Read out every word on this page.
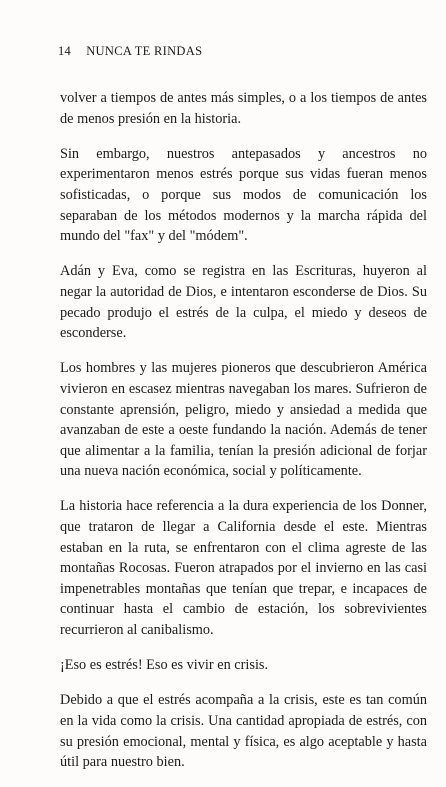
14 NUNCA TE RINDAS

volver a tiempos de antes más simples, o a los tiempos de antes de menos presión en la historia.

Sin embargo, nuestros antepasados y ancestros no experimentaron menos estrés porque sus vidas fueran menos sofisticadas, o porque sus modos de comunicación los separaban de los métodos modernos y la marcha rápida del mundo del "fax" y del "módem".

Adán y Eva, como se registra en las Escrituras, huyeron al negar la autoridad de Dios, e intentaron esconderse de Dios. Su pecado produjo el estrés de la culpa, el miedo y deseos de esconderse.

Los hombres y las mujeres pioneros que descubrieron América vivieron en escasez mientras navegaban los mares. Sufrieron de constante aprensión, peligro, miedo y ansiedad a medida que avanzaban de este a oeste fundando la nación. Además de tener que alimentar a la familia, tenían la presión adicional de forjar una nueva nación económica, social y políticamente.

La historia hace referencia a la dura experiencia de los Donner, que trataron de llegar a California desde el este. Mientras estaban en la ruta, se enfrentaron con el clima agreste de las montañas Rocosas. Fueron atrapados por el invierno en las casi impenetrables montañas que tenían que trepar, e incapaces de continuar hasta el cambio de estación, los sobrevivientes recurrieron al canibalismo.

¡Eso es estrés! Eso es vivir en crisis.

Debido a que el estrés acompaña a la crisis, este es tan común en la vida como la crisis. Una cantidad apropiada de estrés, con su presión emocional, mental y física, es algo aceptable y hasta útil para nuestro bien.
